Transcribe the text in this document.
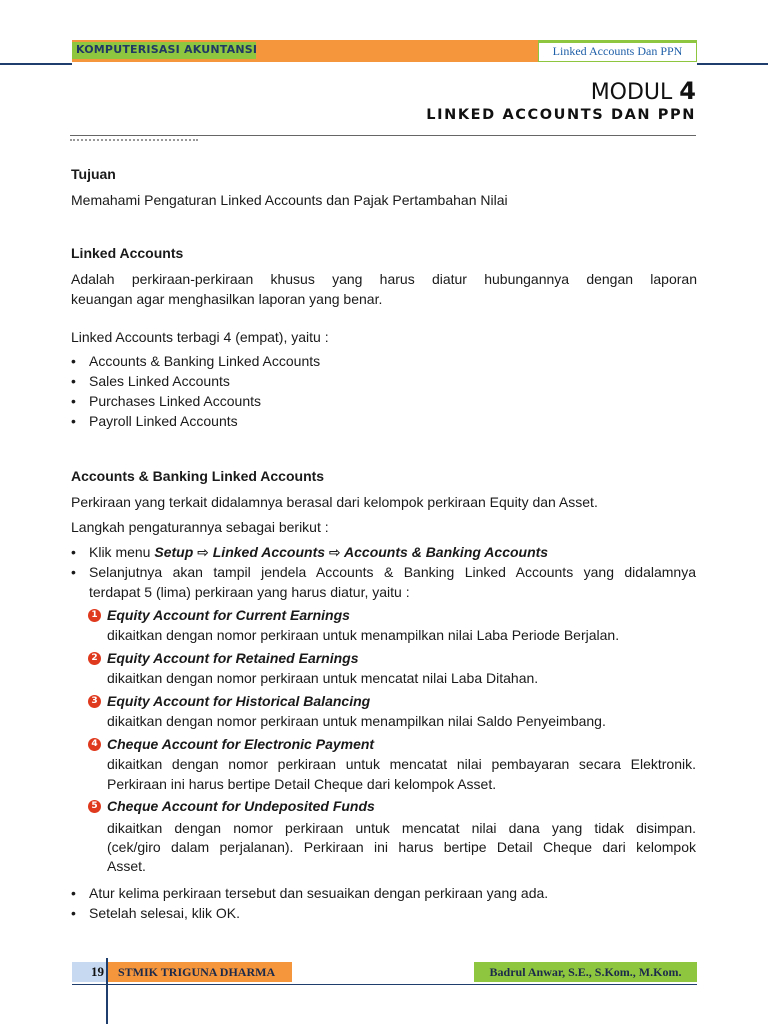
KOMPUTERISASI AKUNTANSI	Linked Accounts Dan PPN
MODUL 4
LINKED ACCOUNTS DAN PPN
Tujuan
Memahami Pengaturan Linked Accounts dan Pajak Pertambahan Nilai
Linked Accounts
Adalah perkiraan-perkiraan khusus yang harus diatur hubungannya dengan laporan
keuangan agar menghasilkan laporan yang benar.
Linked Accounts terbagi 4 (empat), yaitu :
• Accounts & Banking Linked Accounts
• Sales Linked Accounts
• Purchases Linked Accounts
• Payroll Linked Accounts
Accounts & Banking Linked Accounts
Perkiraan yang terkait didalamnya berasal dari kelompok perkiraan Equity dan Asset.
Langkah pengaturannya sebagai berikut :
• Klik menu Setup ⇨ Linked Accounts ⇨ Accounts & Banking Accounts
• Selanjutnya akan tampil jendela Accounts & Banking Linked Accounts yang didalamnya
terdapat 5 (lima) perkiraan yang harus diatur, yaitu :
1 Equity Account for Current Earnings
dikaitkan dengan nomor perkiraan untuk menampilkan nilai Laba Periode Berjalan.
2 Equity Account for Retained Earnings
dikaitkan dengan nomor perkiraan untuk mencatat nilai Laba Ditahan.
3 Equity Account for Historical Balancing
dikaitkan dengan nomor perkiraan untuk menampilkan nilai Saldo Penyeimbang.
4 Cheque Account for Electronic Payment
dikaitkan dengan nomor perkiraan untuk mencatat nilai pembayaran secara Elektronik.
Perkiraan ini harus bertipe Detail Cheque dari kelompok Asset.
5 Cheque Account for Undeposited Funds
dikaitkan dengan nomor perkiraan untuk mencatat nilai dana yang tidak disimpan.
(cek/giro dalam perjalanan). Perkiraan ini harus bertipe Detail Cheque dari kelompok
Asset.
• Atur kelima perkiraan tersebut dan sesuaikan dengan perkiraan yang ada.
• Setelah selesai, klik OK.
19 STMIK TRIGUNA DHARMA	Badrul Anwar, S.E., S.Kom., M.Kom.
